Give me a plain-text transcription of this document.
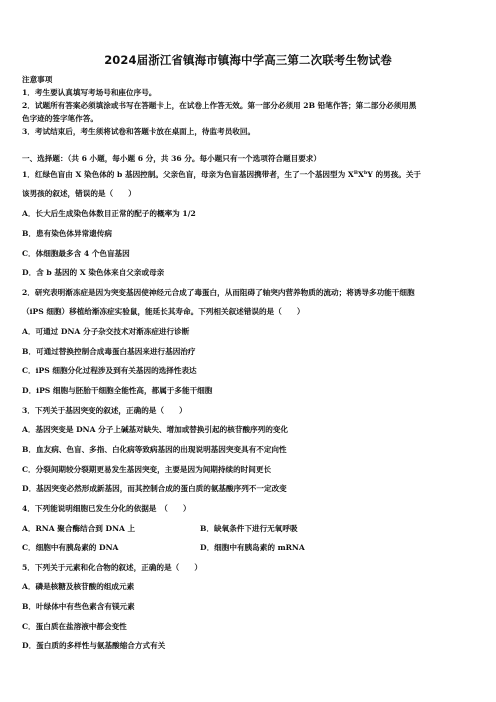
2024届浙江省镇海市镇海中学高三第二次联考生物试卷
注意事项
1．考生要认真填写考场号和座位序号。
2．试题所有答案必须填涂或书写在答题卡上，在试卷上作答无效。第一部分必须用 2B 铅笔作答；第二部分必须用黑
色字迹的签字笔作答。
3．考试结束后，考生须将试卷和答题卡放在桌面上，待监考员收回。
一、选择题：（共 6 小题，每小题 6 分，共 36 分。每小题只有一个选项符合题目要求）
1．红绿色盲由 X 染色体的 b 基因控制。父亲色盲，母亲为色盲基因携带者，生了一个基因型为 $X^BX^bY$ 的男孩。关于
该男孩的叙述，错误的是（　　）
A．长大后生成染色体数目正常的配子的概率为 1/2
B．患有染色体异常遗传病
C．体细胞最多含 4 个色盲基因
D．含 b 基因的 X 染色体来自父亲或母亲
2．研究表明渐冻症是因为突变基因使神经元合成了毒蛋白，从而阻碍了轴突内营养物质的流动；将诱导多功能干细胞
（iPS 细胞）移植给渐冻症实验鼠，能延长其寿命。下列相关叙述错误的是（　　）
A．可通过 DNA 分子杂交技术对渐冻症进行诊断
B．可通过替换控制合成毒蛋白基因来进行基因治疗
C．iPS 细胞分化过程涉及到有关基因的选择性表达
D．iPS 细胞与胚胎干细胞全能性高，都属于多能干细胞
3．下列关于基因突变的叙述，正确的是（　　）
A．基因突变是 DNA 分子上碱基对缺失、增加或替换引起的核苷酸序列的变化
B．血友病、色盲、多指、白化病等致病基因的出现说明基因突变具有不定向性
C．分裂间期较分裂期更易发生基因突变，主要是因为间期持续的时间更长
D．基因突变必然形成新基因，而其控制合成的蛋白质的氨基酸序列不一定改变
4．下列能说明细胞已发生分化的依据是　（　　）
A．RNA 聚合酶结合到 DNA 上	B．缺氧条件下进行无氧呼吸
C．细胞中有胰岛素的 DNA	D．细胞中有胰岛素的 mRNA
5．下列关于元素和化合物的叙述，正确的是（　　）
A．磷是核糖及核苷酸的组成元素
B．叶绿体中有些色素含有镁元素
C．蛋白质在盐溶液中都会变性
D．蛋白质的多样性与氨基酸缩合方式有关
